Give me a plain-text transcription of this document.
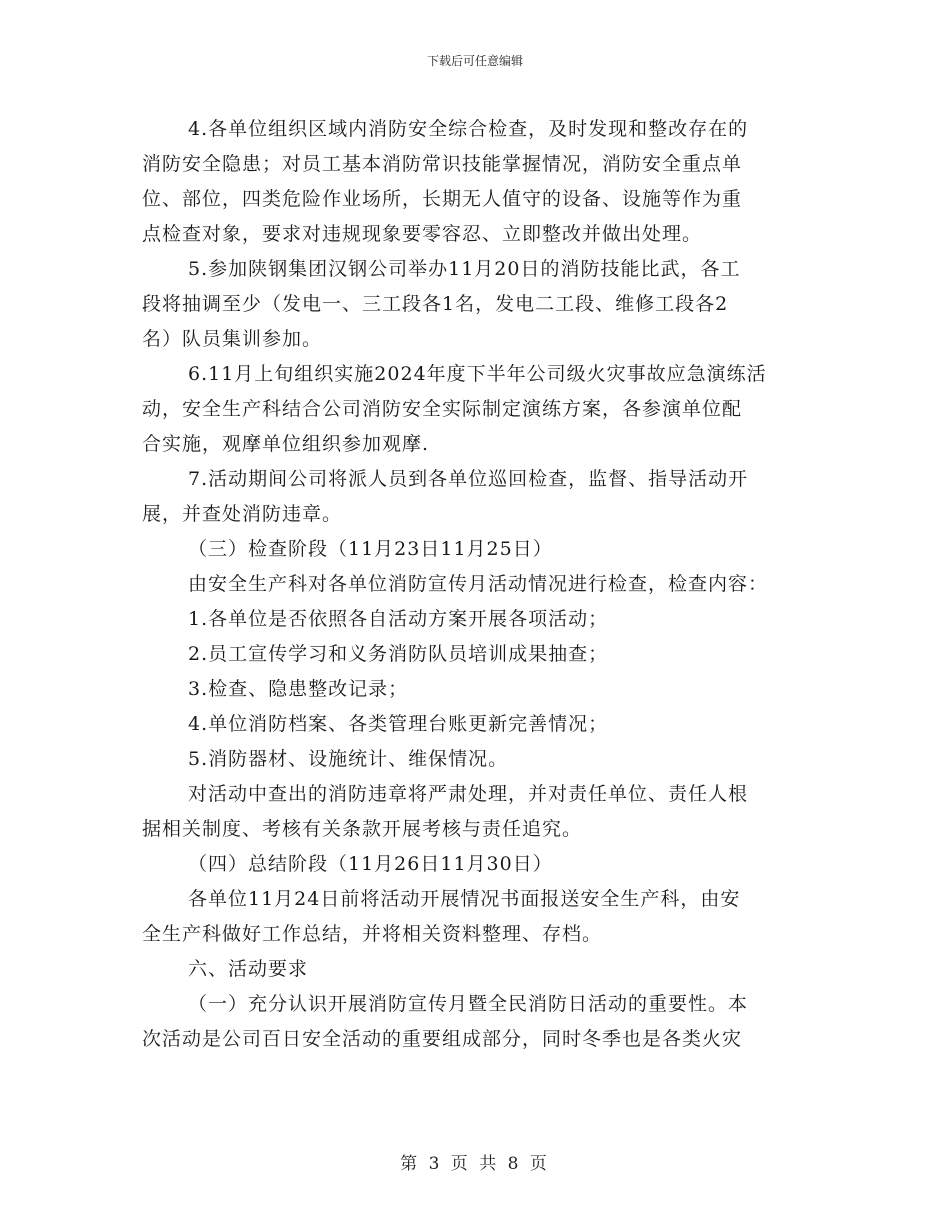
下载后可任意编辑
4.各单位组织区域内消防安全综合检查，及时发现和整改存在的
消防安全隐患；对员工基本消防常识技能掌握情况，消防安全重点单
位、部位，四类危险作业场所，长期无人值守的设备、设施等作为重
点检查对象，要求对违规现象要零容忍、立即整改并做出处理。
5.参加陕钢集团汉钢公司举办11月20日的消防技能比武，各工
段将抽调至少（发电一、三工段各1名，发电二工段、维修工段各2
名）队员集训参加。
6.11月上旬组织实施2024年度下半年公司级火灾事故应急演练活
动，安全生产科结合公司消防安全实际制定演练方案，各参演单位配
合实施，观摩单位组织参加观摩.
7.活动期间公司将派人员到各单位巡回检查，监督、指导活动开
展，并查处消防违章。
（三）检查阶段（11月23日11月25日）
由安全生产科对各单位消防宣传月活动情况进行检查，检查内容：
1.各单位是否依照各自活动方案开展各项活动；
2.员工宣传学习和义务消防队员培训成果抽查；
3.检查、隐患整改记录；
4.单位消防档案、各类管理台账更新完善情况；
5.消防器材、设施统计、维保情况。
对活动中查出的消防违章将严肃处理，并对责任单位、责任人根
据相关制度、考核有关条款开展考核与责任追究。
（四）总结阶段（11月26日11月30日）
各单位11月24日前将活动开展情况书面报送安全生产科，由安
全生产科做好工作总结，并将相关资料整理、存档。
六、活动要求
（一）充分认识开展消防宣传月暨全民消防日活动的重要性。本
次活动是公司百日安全活动的重要组成部分，同时冬季也是各类火灾
第 3 页 共 8 页
